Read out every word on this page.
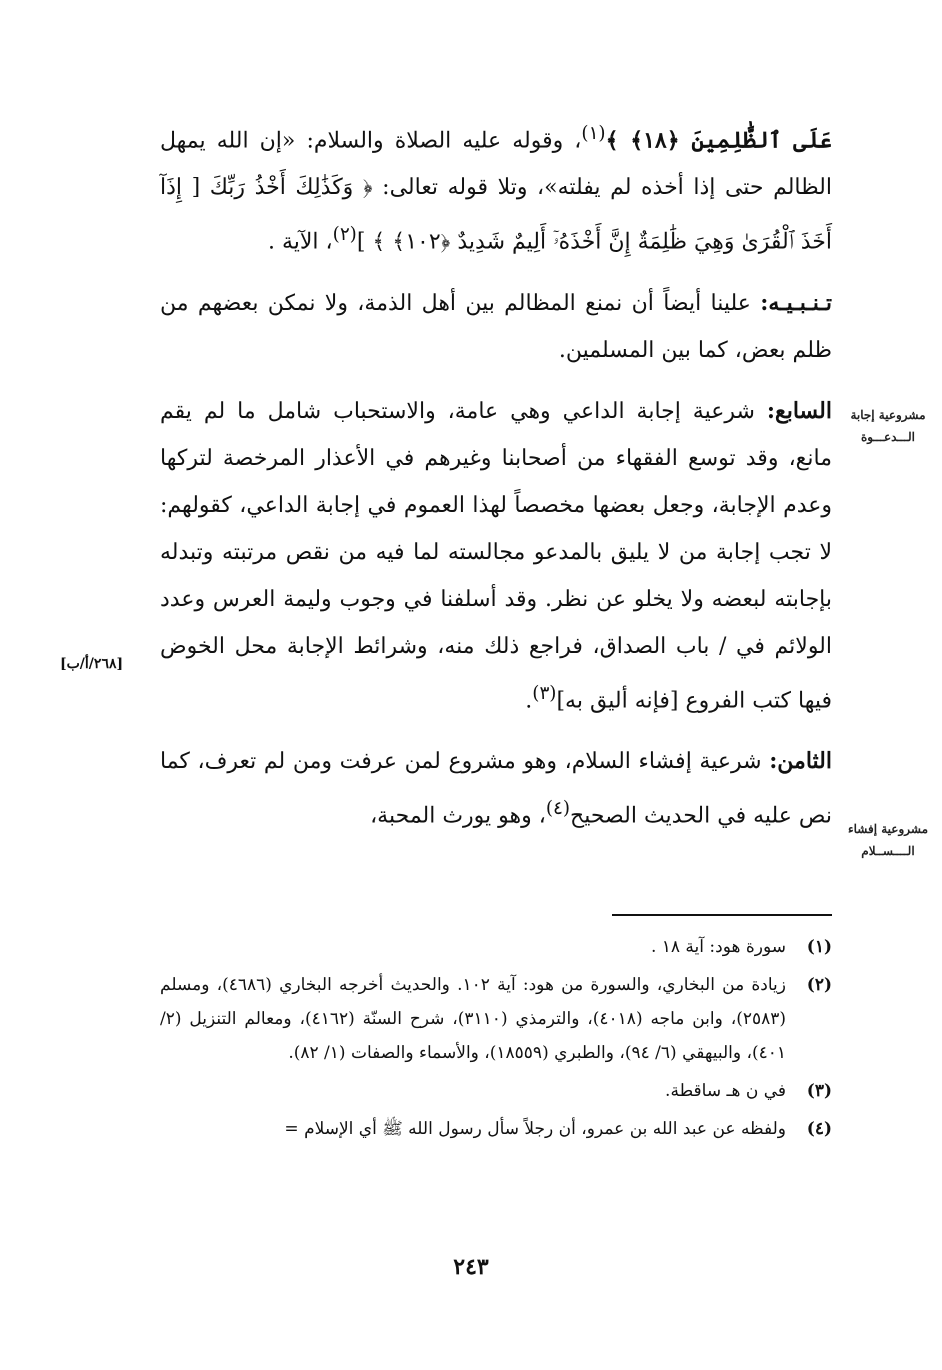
عَلَى ٱلظَّٰلِمِينَ ﴿١٨﴾ ﴾$^{(١)}$، وقوله عليه الصلاة والسلام: «إن الله يمهل الظالم حتى إذا أخذه لم يفلته»، وتلا قوله تعالى: ﴿ وَكَذَٰلِكَ أَخْذُ رَبِّكَ [ إِذَآ أَخَذَ ٱلْقُرَىٰ وَهِيَ ظَٰلِمَةٌ إِنَّ أَخْذَهُۥٓ أَلِيمٌ شَدِيدٌ ﴿١٠٢﴾ ﴾ ]$^{(٢)}$، الآية .

تـنـبـيـه: علينا أيضاً أن نمنع المظالم بين أهل الذمة، ولا نمكن بعضهم من ظلم بعض، كما بين المسلمين.

السابع: شرعية إجابة الداعي وهي عامة، والاستحباب شامل ما لم يقم مانع، وقد توسع الفقهاء من أصحابنا وغيرهم في الأعذار المرخصة لتركها وعدم الإجابة، وجعل بعضها مخصصاً لهذا العموم في إجابة الداعي، كقولهم: لا تجب إجابة من لا يليق بالمدعو مجالسته لما فيه من نقص مرتبته وتبدله بإجابته لبعضه ولا يخلو عن نظر. وقد أسلفنا في وجوب وليمة العرس وعدد الولائم في / باب الصداق، فراجع ذلك منه، وشرائط الإجابة محل الخوض فيها كتب الفروع [فإنه أليق به]$^{(٣)}$.

الثامن: شرعية إفشاء السلام، وهو مشروع لمن عرفت ومن لم تعرف، كما نص عليه في الحديث الصحيح$^{(٤)}$، وهو يورث المحبة،

مشروعية إجابة
الـــدعـــوة
[٢٦٨/أ/ب]
مشروعية إفشاء
الــــســلام
(١)
سورة هود: آية ١٨ .
(٢)
زيادة من البخاري، والسورة من هود: آية ١٠٢. والحديث أخرجه البخاري (٤٦٨٦)، ومسلم (٢٥٨٣)، وابن ماجه (٤٠١٨)، والترمذي (٣١١٠)، شرح السنّة (٤١٦٢)، ومعالم التنزيل (٢/ ٤٠١)، والبيهقي (٦/ ٩٤)، والطبري (١٨٥٥٩)، والأسماء والصفات (١/ ٨٢).
(٣)
في ن هـ ساقطة.
(٤)
ولفظه عن عبد الله بن عمرو، أن رجلاً سأل رسول الله ﷺ أي الإسلام =
٢٤٣
